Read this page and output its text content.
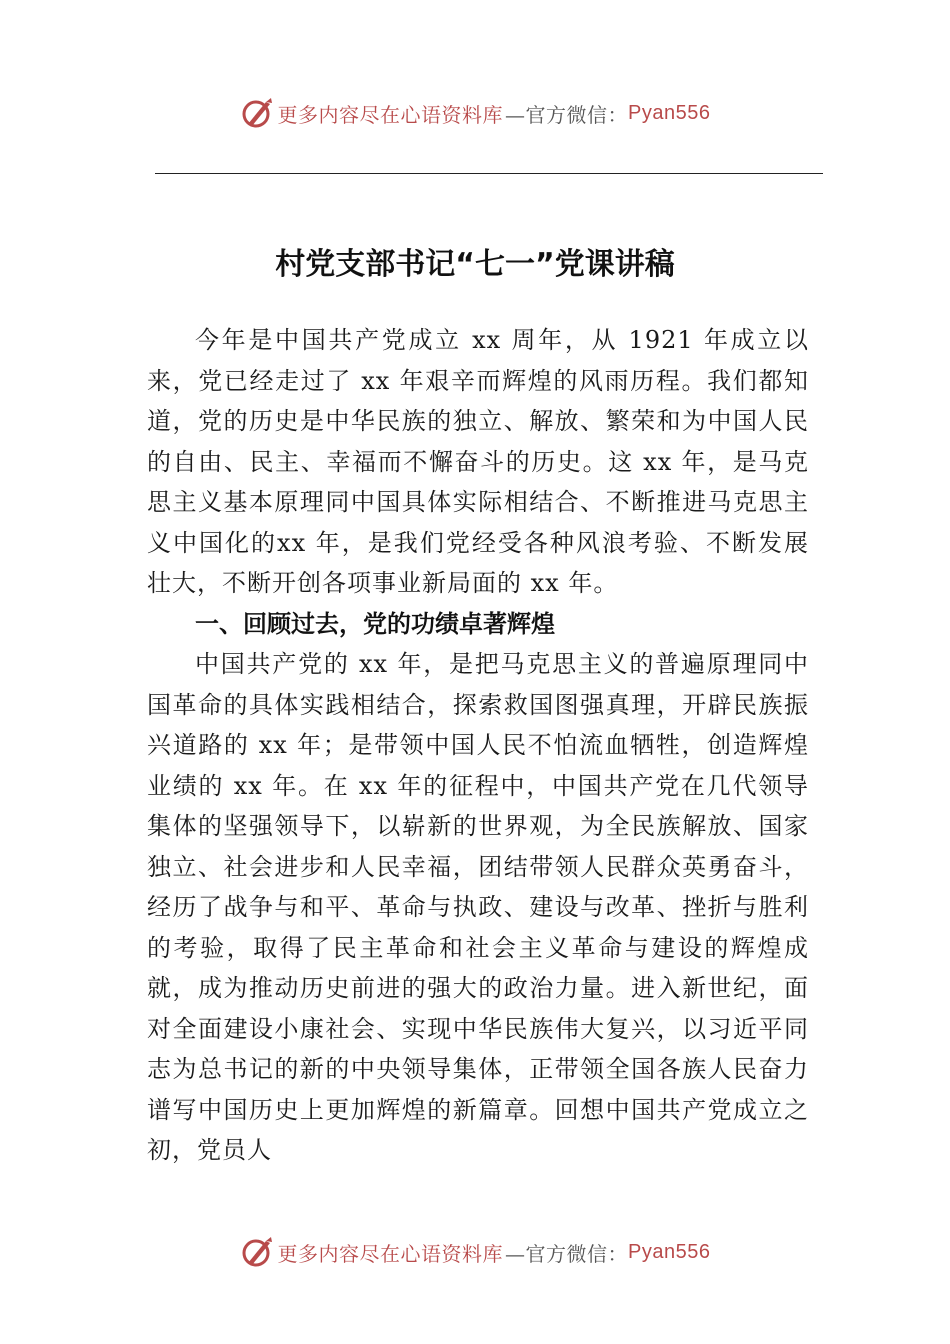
更多内容尽在心语资料库 —官方微信： Pyan556
村党支部书记“七一”党课讲稿

今年是中国共产党成立 xx 周年，从 1921 年成立以来，党已经走过了 xx 年艰辛而辉煌的风雨历程。我们都知道，党的历史是中华民族的独立、解放、繁荣和为中国人民的自由、民主、幸福而不懈奋斗的历史。这 xx 年，是马克思主义基本原理同中国具体实际相结合、不断推进马克思主义中国化的xx 年，是我们党经受各种风浪考验、不断发展壮大，不断开创各项事业新局面的 xx 年。

一、回顾过去，党的功绩卓著辉煌

中国共产党的 xx 年，是把马克思主义的普遍原理同中国革命的具体实践相结合，探索救国图强真理，开辟民族振兴道路的 xx 年；是带领中国人民不怕流血牺牲，创造辉煌业绩的 xx 年。在 xx 年的征程中，中国共产党在几代领导集体的坚强领导下，以崭新的世界观，为全民族解放、国家独立、社会进步和人民幸福，团结带领人民群众英勇奋斗，经历了战争与和平、革命与执政、建设与改革、挫折与胜利的考验，取得了民主革命和社会主义革命与建设的辉煌成就，成为推动历史前进的强大的政治力量。进入新世纪，面对全面建设小康社会、实现中华民族伟大复兴，以习近平同志为总书记的新的中央领导集体，正带领全国各族人民奋力谱写中国历史上更加辉煌的新篇章。回想中国共产党成立之初，党员人

更多内容尽在心语资料库 —官方微信： Pyan556
